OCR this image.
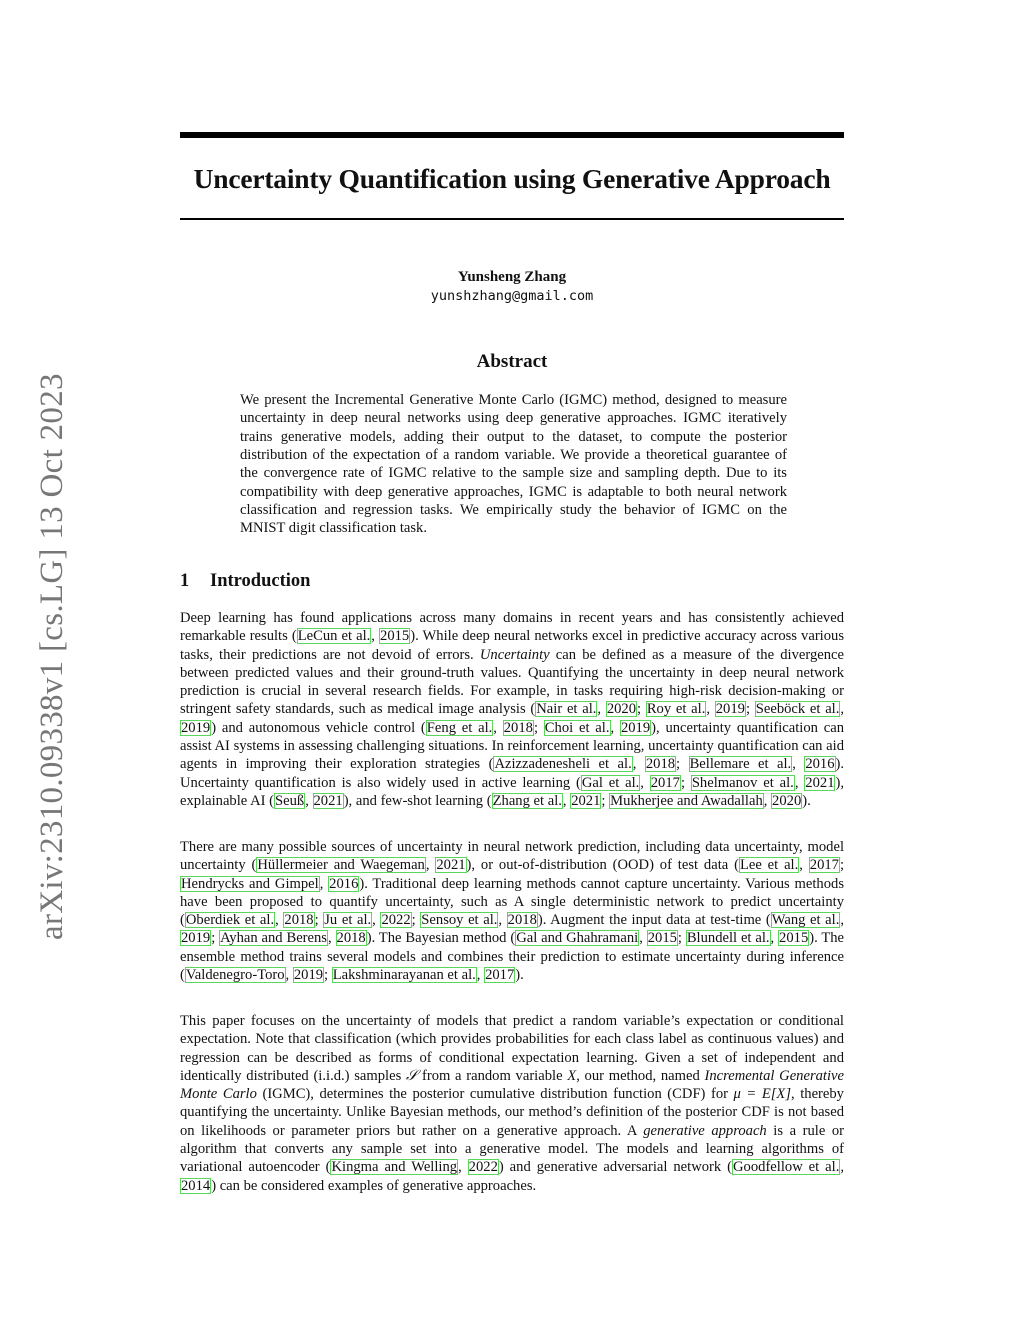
arXiv:2310.09338v1 [cs.LG] 13 Oct 2023
Uncertainty Quantification using Generative Approach
Yunsheng Zhang
yunshzhang@gmail.com
Abstract
We present the Incremental Generative Monte Carlo (IGMC) method, designed to measure uncertainty in deep neural networks using deep generative approaches. IGMC iteratively trains generative models, adding their output to the dataset, to compute the posterior distribution of the expectation of a random variable. We provide a theoretical guarantee of the convergence rate of IGMC relative to the sample size and sampling depth. Due to its compatibility with deep generative approaches, IGMC is adaptable to both neural network classification and regression tasks. We empirically study the behavior of IGMC on the MNIST digit classification task.
1 Introduction

Deep learning has found applications across many domains in recent years and has consistently achieved remarkable results (LeCun et al., 2015). While deep neural networks excel in predictive accuracy across various tasks, their predictions are not devoid of errors. Uncertainty can be defined as a measure of the divergence between predicted values and their ground-truth values. Quantifying the uncertainty in deep neural network prediction is crucial in several research fields. For example, in tasks requiring high-risk decision-making or stringent safety standards, such as medical image analysis (Nair et al., 2020; Roy et al., 2019; Seeböck et al., 2019) and autonomous vehicle control (Feng et al., 2018; Choi et al., 2019), uncertainty quantification can assist AI systems in assessing challenging situations. In reinforcement learning, uncertainty quantification can aid agents in improving their exploration strategies (Azizzadenesheli et al., 2018; Bellemare et al., 2016). Uncertainty quantification is also widely used in active learning (Gal et al., 2017; Shelmanov et al., 2021), explainable AI (Seuß, 2021), and few-shot learning (Zhang et al., 2021; Mukherjee and Awadallah, 2020).

There are many possible sources of uncertainty in neural network prediction, including data uncertainty, model uncertainty (Hüllermeier and Waegeman, 2021), or out-of-distribution (OOD) of test data (Lee et al., 2017; Hendrycks and Gimpel, 2016). Traditional deep learning methods cannot capture uncertainty. Various methods have been proposed to quantify uncertainty, such as A single deterministic network to predict uncertainty (Oberdiek et al., 2018; Ju et al., 2022; Sensoy et al., 2018). Augment the input data at test-time (Wang et al., 2019; Ayhan and Berens, 2018). The Bayesian method (Gal and Ghahramani, 2015; Blundell et al., 2015). The ensemble method trains several models and combines their prediction to estimate uncertainty during inference (Valdenegro-Toro, 2019; Lakshminarayanan et al., 2017).

This paper focuses on the uncertainty of models that predict a random variable’s expectation or conditional expectation. Note that classification (which provides probabilities for each class label as continuous values) and regression can be described as forms of conditional expectation learning. Given a set of independent and identically distributed (i.i.d.) samples 𝒮 from a random variable X, our method, named Incremental Generative Monte Carlo (IGMC), determines the posterior cumulative distribution function (CDF) for μ = E[X], thereby quantifying the uncertainty. Unlike Bayesian methods, our method’s definition of the posterior CDF is not based on likelihoods or parameter priors but rather on a generative approach. A generative approach is a rule or algorithm that converts any sample set into a generative model. The models and learning algorithms of variational autoencoder (Kingma and Welling, 2022) and generative adversarial network (Goodfellow et al., 2014) can be considered examples of generative approaches.
